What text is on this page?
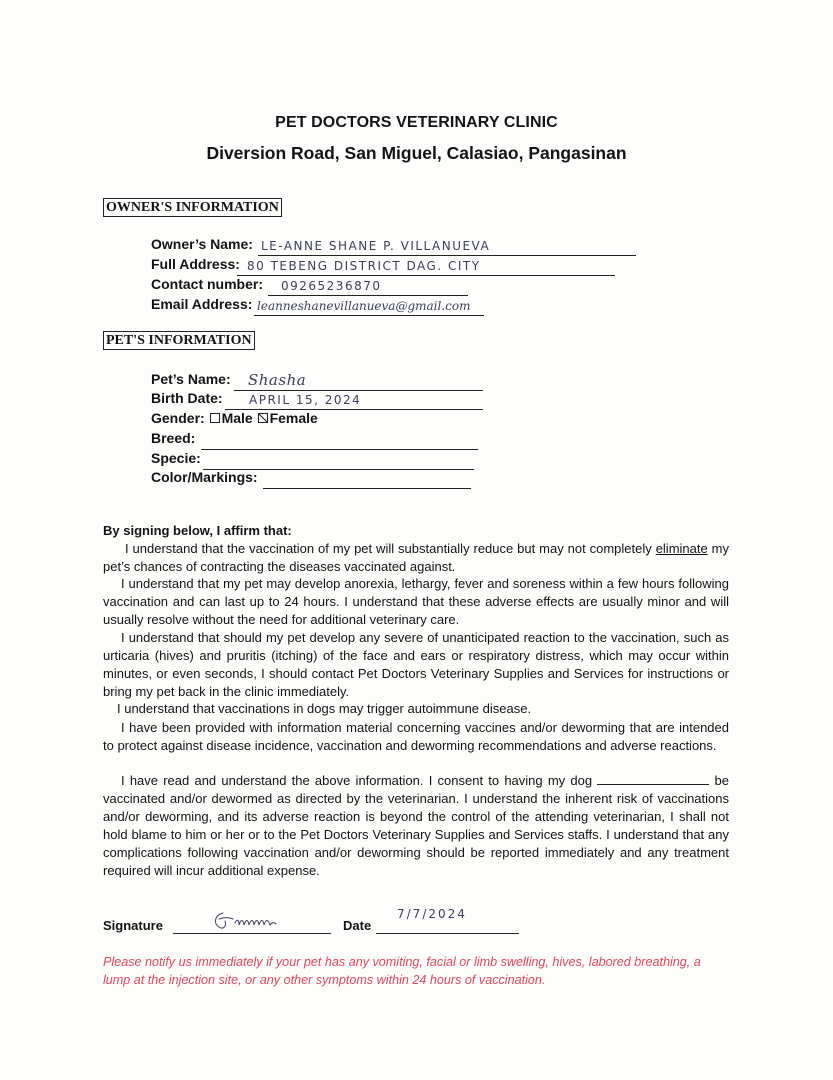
PET DOCTORS VETERINARY CLINIC
Diversion Road, San Miguel, Calasiao, Pangasinan
OWNER'S INFORMATION
Owner’s Name: LE-ANNE SHANE P. VILLANUEVA
Full Address: 80 TEBENG DISTRICT DAG. CITY
Contact number: 09265236870
Email Address: leanneshanevillanueva@gmail.com
PET'S INFORMATION
Pet’s Name: Shasha
Birth Date: APRIL 15, 2024
Gender: Male Female
Breed:
Specie:
Color/Markings:
By signing below, I affirm that:
I understand that the vaccination of my pet will substantially reduce but may not completely eliminate my pet’s chances of contracting the diseases vaccinated against.
I understand that my pet may develop anorexia, lethargy, fever and soreness within a few hours following vaccination and can last up to 24 hours. I understand that these adverse effects are usually minor and will usually resolve without the need for additional veterinary care.
I understand that should my pet develop any severe of unanticipated reaction to the vaccination, such as urticaria (hives) and pruritis (itching) of the face and ears or respiratory distress, which may occur within minutes, or even seconds, I should contact Pet Doctors Veterinary Supplies and Services for instructions or bring my pet back in the clinic immediately.
I understand that vaccinations in dogs may trigger autoimmune disease.
I have been provided with information material concerning vaccines and/or deworming that are intended to protect against disease incidence, vaccination and deworming recommendations and adverse reactions.
I have read and understand the above information. I consent to having my dog	be vaccinated and/or dewormed as directed by the veterinarian. I understand the inherent risk of vaccinations and/or deworming, and its adverse reaction is beyond the control of the attending veterinarian, I shall not hold blame to him or her or to the Pet Doctors Veterinary Supplies and Services staffs. I understand that any complications following vaccination and/or deworming should be reported immediately and any treatment required will incur additional expense.
Signature	Date
7/7/2024
Please notify us immediately if your pet has any vomiting, facial or limb swelling, hives, labored breathing, a lump at the injection site, or any other symptoms within 24 hours of vaccination.
